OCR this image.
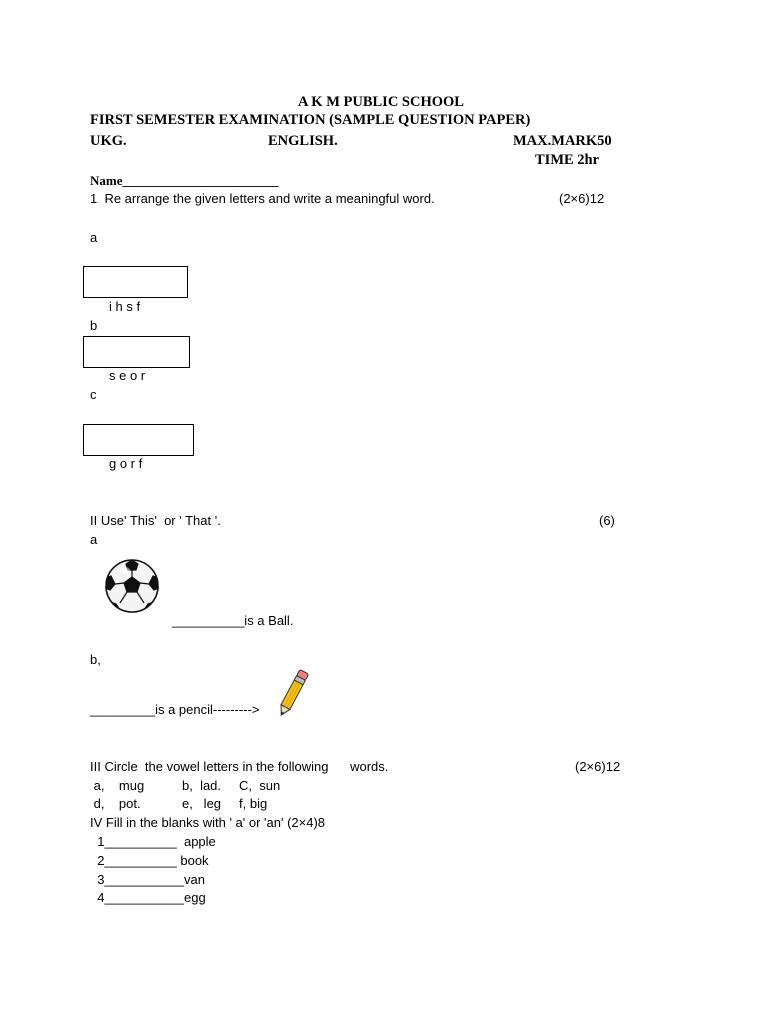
A K M PUBLIC SCHOOL
FIRST SEMESTER EXAMINATION (SAMPLE QUESTION PAPER)
UKG.	ENGLISH.	MAX.MARK50
TIME 2hr
Name________________________
1  Re arrange the given letters and write a meaningful word.	(2×6)12
a
i h s f
b
s e o r
c
g o r f
II Use' This'  or ' That '.	(6)
a
__________is a Ball.
b,
_________is a pencil--------->
III Circle  the vowel letters in the following      words.	(2×6)12
a,    mug	b,  lad. C,  sun
d,    pot.	e,   leg f, big
IV Fill in the blanks with ' a' or 'an' (2×4)8
1__________  apple
2__________ book
3___________van
4___________egg
